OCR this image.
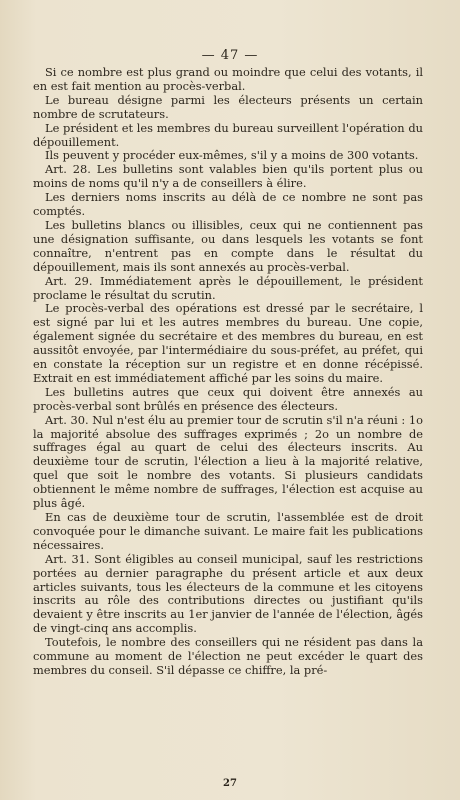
— 47 —

Si ce nombre est plus grand ou moindre que celui des votants, il en est fait mention au procès-verbal.

Le bureau désigne parmi les électeurs présents un certain nombre de scrutateurs.

Le président et les membres du bureau surveillent l'opération du dépouillement.

Ils peuvent y procéder eux-mêmes, s'il y a moins de 300 votants.

Art. 28. Les bulletins sont valables bien qu'ils portent plus ou moins de noms qu'il n'y a de conseillers à élire.

Les derniers noms inscrits au délà de ce nombre ne sont pas comptés.

Les bulletins blancs ou illisibles, ceux qui ne contiennent pas une désignation suffisante, ou dans lesquels les votants se font connaître, n'entrent pas en compte dans le résultat du dépouillement, mais ils sont annexés au procès-verbal.

Art. 29. Immédiatement après le dépouillement, le président proclame le résultat du scrutin.

Le procès-verbal des opérations est dressé par le secrétaire, l est signé par lui et les autres membres du bureau. Une copie, également signée du secrétaire et des membres du bureau, en est aussitôt envoyée, par l'intermédiaire du sous-préfet, au préfet, qui en constate la réception sur un registre et en donne récépissé. Extrait en est immédiatement affiché par les soins du maire.

Les bulletins autres que ceux qui doivent être annexés au procès-verbal sont brûlés en présence des électeurs.

Art. 30. Nul n'est élu au premier tour de scrutin s'il n'a réuni : 1o la majorité absolue des suffrages exprimés ; 2o un nombre de suffrages égal au quart de celui des électeurs inscrits. Au deuxième tour de scrutin, l'élection a lieu à la majorité relative, quel que soit le nombre des votants. Si plusieurs candidats obtiennent le même nombre de suffrages, l'élection est acquise au plus âgé.

En cas de deuxième tour de scrutin, l'assemblée est de droit convoquée pour le dimanche suivant. Le maire fait les publications nécessaires.

Art. 31. Sont éligibles au conseil municipal, sauf les restrictions portées au dernier paragraphe du présent article et aux deux articles suivants, tous les électeurs de la commune et les citoyens inscrits au rôle des contributions directes ou justifiant qu'ils devaient y être inscrits au 1er janvier de l'année de l'élection, âgés de vingt-cinq ans accomplis.

Toutefois, le nombre des conseillers qui ne résident pas dans la commune au moment de l'élection ne peut excéder le quart des membres du conseil. S'il dépasse ce chiffre, la pré-

27
